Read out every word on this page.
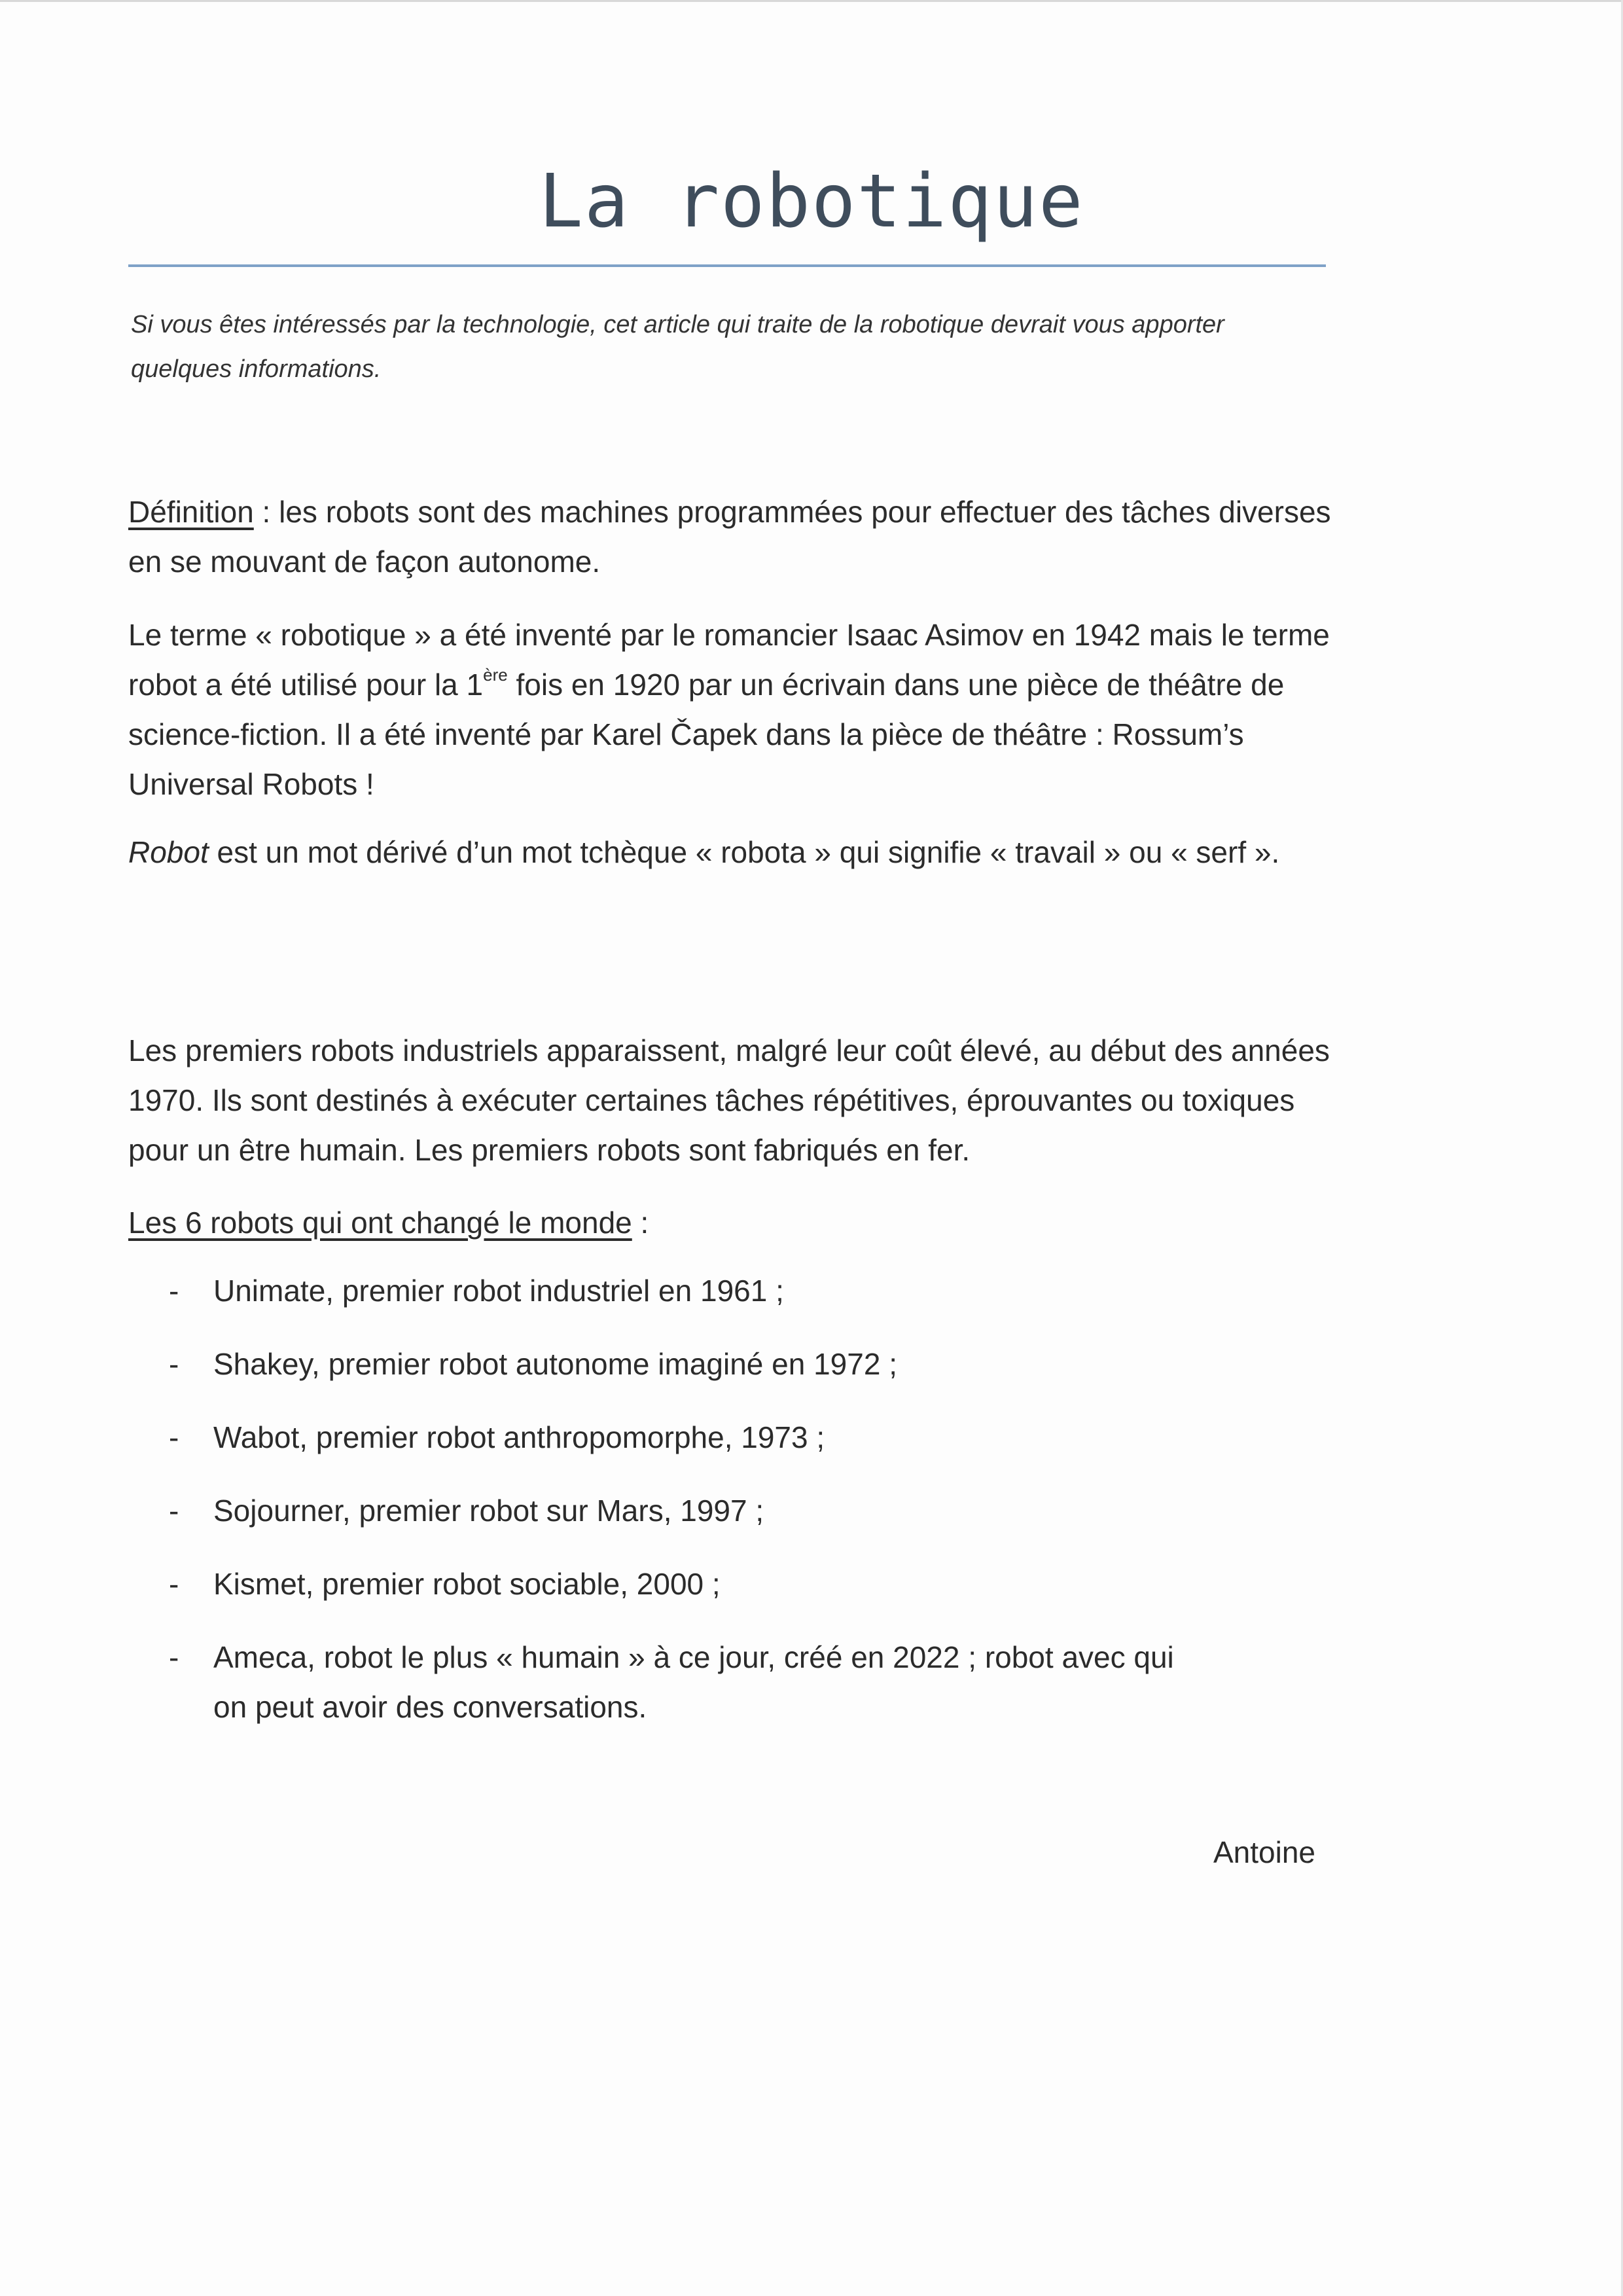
La robotique
Si vous êtes intéressés par la technologie, cet article qui traite de la robotique devrait vous apporter quelques informations.

Définition : les robots sont des machines programmées pour effectuer des tâches diverses en se mouvant de façon autonome.

Le terme « robotique » a été inventé par le romancier Isaac Asimov en 1942 mais le terme robot a été utilisé pour la 1ère fois en 1920 par un écrivain dans une pièce de théâtre de science-fiction. Il a été inventé par Karel Čapek dans la pièce de théâtre : Rossum’s Universal Robots !

Robot est un mot dérivé d’un mot tchèque « robota » qui signifie « travail » ou « serf ».

Les premiers robots industriels apparaissent, malgré leur coût élevé, au début des années 1970. Ils sont destinés à exécuter certaines tâches répétitives, éprouvantes ou toxiques pour un être humain. Les premiers robots sont fabriqués en fer.

Les 6 robots qui ont changé le monde :

- Unimate, premier robot industriel en 1961 ;
- Shakey, premier robot autonome imaginé en 1972 ;
- Wabot, premier robot anthropomorphe, 1973 ;
- Sojourner, premier robot sur Mars, 1997 ;
- Kismet, premier robot sociable, 2000 ;
- Ameca, robot le plus « humain » à ce jour, créé en 2022 ; robot avec qui on peut avoir des conversations.
Antoine
